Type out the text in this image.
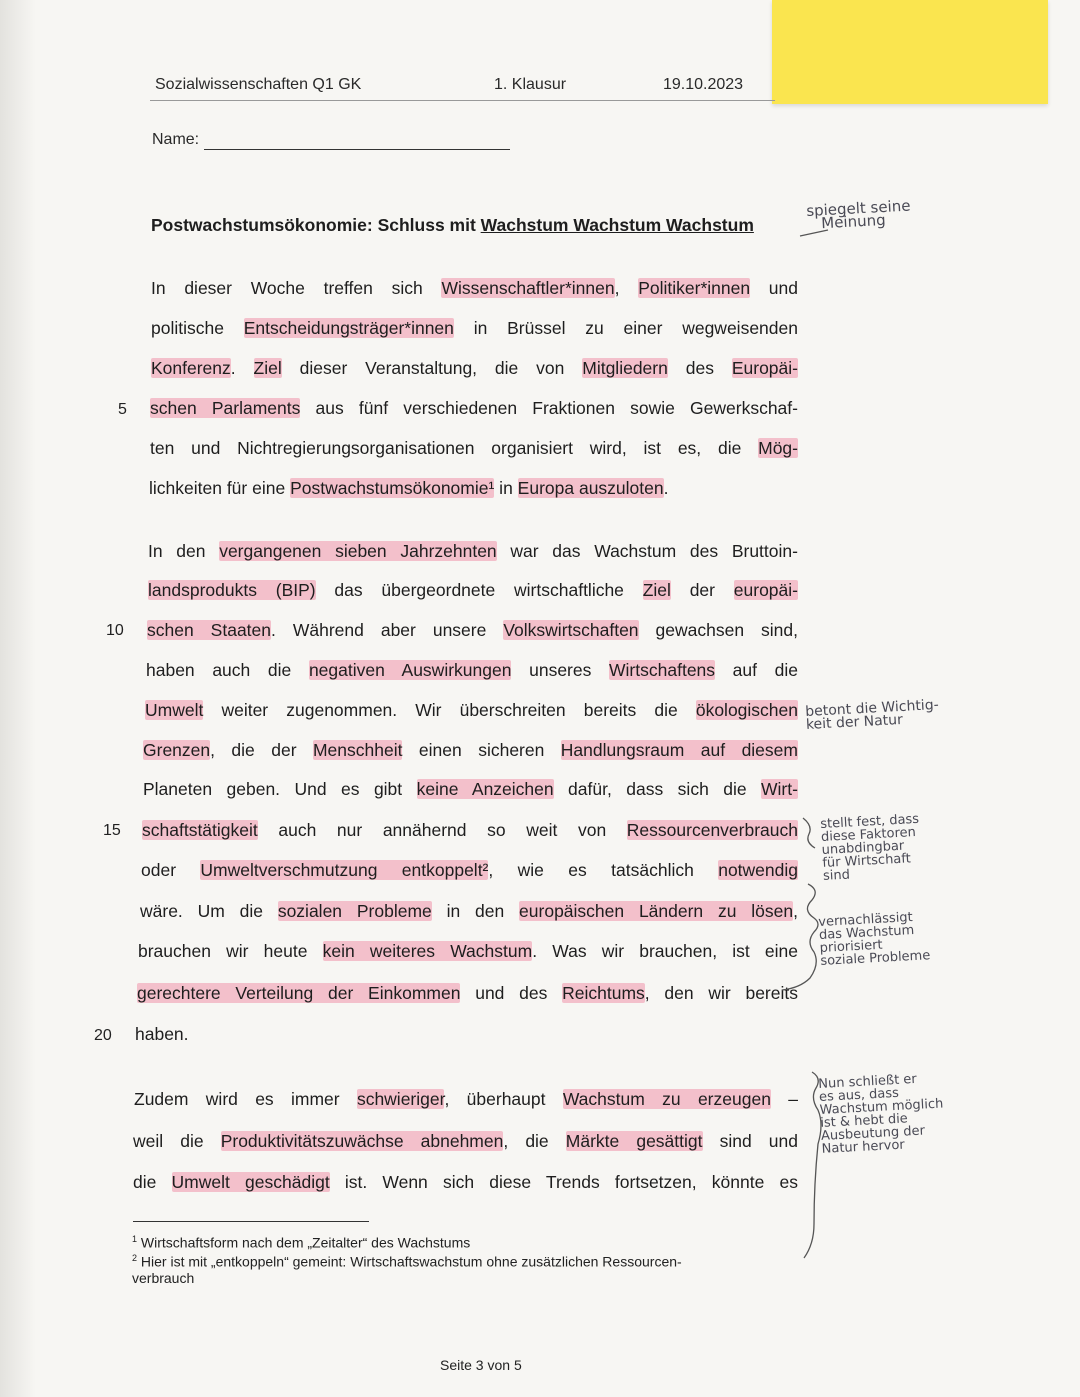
Sozialwissenschaften Q1 GK	1. Klausur	19.10.2023
Name:
Postwachstumsökonomie: Schluss mit Wachstum Wachstum Wachstum
5
10
15
20
In dieser Woche treffen sich Wissenschaftler*innen, Politiker*innen und
politische Entscheidungsträger*innen in Brüssel zu einer wegweisenden
Konferenz. Ziel dieser Veranstaltung, die von Mitgliedern des Europäi-
schen Parlaments aus fünf verschiedenen Fraktionen sowie Gewerkschaf-
ten und Nichtregierungsorganisationen organisiert wird, ist es, die Mög-
lichkeiten für eine Postwachstumsökonomie¹ in Europa auszuloten.
In den vergangenen sieben Jahrzehnten war das Wachstum des Bruttoin-
landsprodukts (BIP) das übergeordnete wirtschaftliche Ziel der europäi-
schen Staaten. Während aber unsere Volkswirtschaften gewachsen sind,
haben auch die negativen Auswirkungen unseres Wirtschaftens auf die
Umwelt weiter zugenommen. Wir überschreiten bereits die ökologischen
Grenzen, die der Menschheit einen sicheren Handlungsraum auf diesem
Planeten geben. Und es gibt keine Anzeichen dafür, dass sich die Wirt-
schaftstätigkeit auch nur annähernd so weit von Ressourcenverbrauch
oder Umweltverschmutzung entkoppelt², wie es tatsächlich notwendig
wäre. Um die sozialen Probleme in den europäischen Ländern zu lösen,
brauchen wir heute kein weiteres Wachstum. Was wir brauchen, ist eine
gerechtere Verteilung der Einkommen und des Reichtums, den wir bereits
haben.
Zudem wird es immer schwieriger, überhaupt Wachstum zu erzeugen –
weil die Produktivitätszuwächse abnehmen, die Märkte gesättigt sind und
die Umwelt geschädigt ist. Wenn sich diese Trends fortsetzen, könnte es
spiegelt seine
Meinung
betont die Wichtig-
keit der Natur
stellt fest, dass
diese Faktoren
unabdingbar
für Wirtschaft
sind
vernachlässigt
das Wachstum
priorisiert
soziale Probleme
Nun schließt er
es aus, dass
Wachstum möglich
ist & hebt die
Ausbeutung der
Natur hervor
$^1$ Wirtschaftsform nach dem „Zeitalter“ des Wachstums
$^2$ Hier ist mit „entkoppeln“ gemeint: Wirtschaftswachstum ohne zusätzlichen Ressourcen-
verbrauch
Seite 3 von 5
